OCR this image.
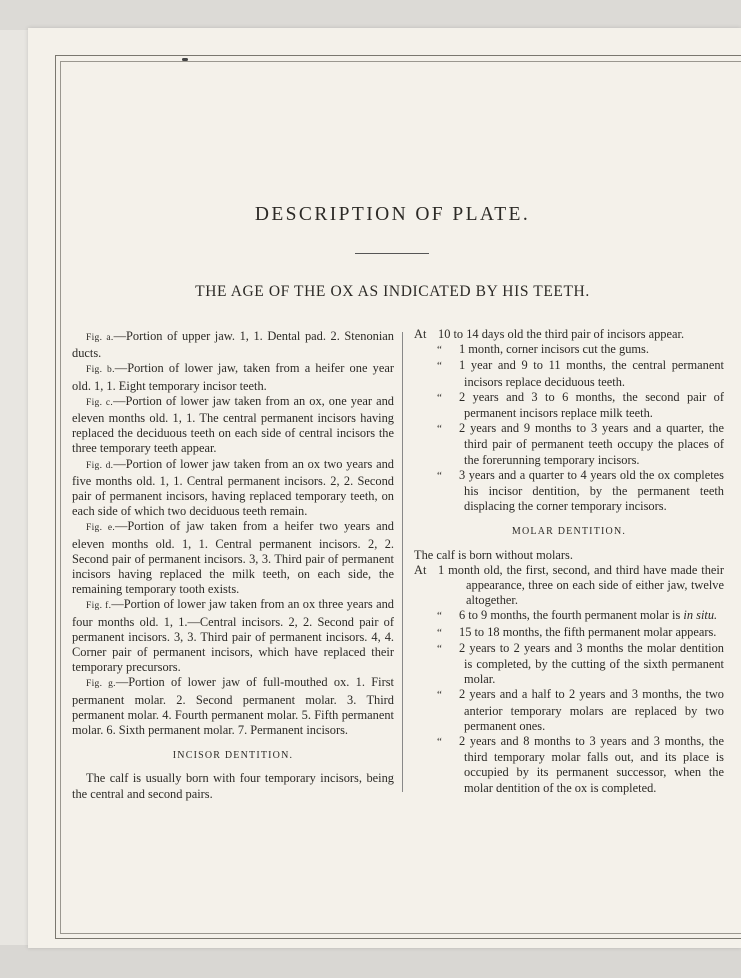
DESCRIPTION OF PLATE.
THE AGE OF THE OX AS INDICATED BY HIS TEETH.

Fig. a.—Portion of upper jaw. 1, 1. Dental pad. 2. Stenonian ducts.

Fig. b.—Portion of lower jaw, taken from a heifer one year old. 1, 1. Eight temporary incisor teeth.

Fig. c.—Portion of lower jaw taken from an ox, one year and eleven months old. 1, 1. The central permanent incisors having replaced the deciduous teeth on each side of central incisors the three temporary teeth appear.

Fig. d.—Portion of lower jaw taken from an ox two years and five months old. 1, 1. Central permanent incisors. 2, 2. Second pair of permanent incisors, having replaced temporary teeth, on each side of which two deciduous teeth remain.

Fig. e.—Portion of jaw taken from a heifer two years and eleven months old. 1, 1. Central permanent incisors. 2, 2. Second pair of permanent incisors. 3, 3. Third pair of permanent incisors having replaced the milk teeth, on each side, the remaining temporary tooth exists.

Fig. f.—Portion of lower jaw taken from an ox three years and four months old. 1, 1.—Central incisors. 2, 2. Second pair of permanent incisors. 3, 3. Third pair of permanent incisors. 4, 4. Corner pair of permanent incisors, which have replaced their temporary precursors.

Fig. g.—Portion of lower jaw of full-mouthed ox. 1. First permanent molar. 2. Second permanent molar. 3. Third permanent molar. 4. Fourth permanent molar. 5. Fifth permanent molar. 6. Sixth permanent molar. 7. Permanent incisors.

INCISOR DENTITION.

The calf is usually born with four temporary incisors, being the central and second pairs.

At 10 to 14 days old the third pair of incisors appear.

“ 1 month, corner incisors cut the gums.

“ 1 year and 9 to 11 months, the central permanent incisors replace deciduous teeth.

“ 2 years and 3 to 6 months, the second pair of permanent incisors replace milk teeth.

“ 2 years and 9 months to 3 years and a quarter, the third pair of permanent teeth occupy the places of the forerunning temporary incisors.

“ 3 years and a quarter to 4 years old the ox completes his incisor dentition, by the permanent teeth displacing the corner temporary incisors.

MOLAR DENTITION.

The calf is born without molars.

At 1 month old, the first, second, and third have made their appearance, three on each side of either jaw, twelve altogether.

“ 6 to 9 months, the fourth permanent molar is in situ.

“ 15 to 18 months, the fifth permanent molar appears.

“ 2 years to 2 years and 3 months the molar dentition is completed, by the cutting of the sixth permanent molar.

“ 2 years and a half to 2 years and 3 months, the two anterior temporary molars are replaced by two permanent ones.

“ 2 years and 8 months to 3 years and 3 months, the third temporary molar falls out, and its place is occupied by its permanent successor, when the molar dentition of the ox is completed.
